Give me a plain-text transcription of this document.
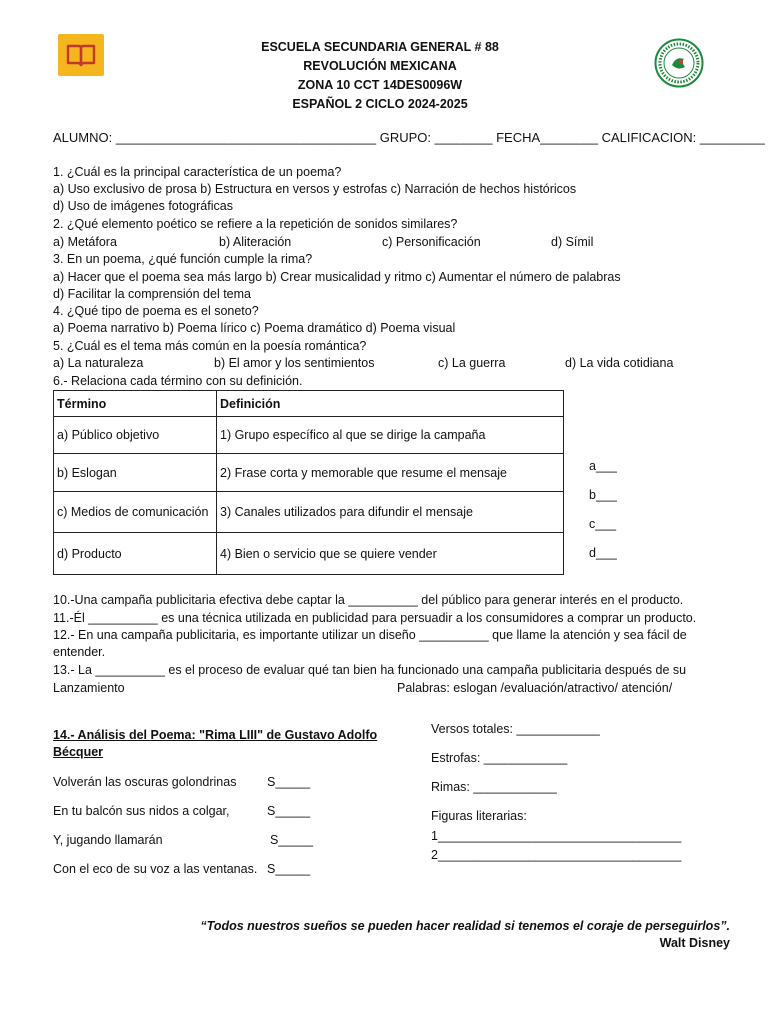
ESCUELA SECUNDARIA GENERAL # 88
REVOLUCIÓN MEXICANA
ZONA 10 CCT 14DES0096W
ESPAÑOL 2 CICLO 2024-2025
ALUMNO: ____________________________________ GRUPO: ________ FECHA________ CALIFICACION: _________
1. ¿Cuál es la principal característica de un poema?
a) Uso exclusivo de prosa b) Estructura en versos y estrofas c) Narración de hechos históricos
d) Uso de imágenes fotográficas
2. ¿Qué elemento poético se refiere a la repetición de sonidos similares?
a) Metáfora	b) Aliteración	c) Personificación	d) Símil
3. En un poema, ¿qué función cumple la rima?
a) Hacer que el poema sea más largo b) Crear musicalidad y ritmo c) Aumentar el número de palabras
d) Facilitar la comprensión del tema
4. ¿Qué tipo de poema es el soneto?
a) Poema narrativo b) Poema lírico c) Poema dramático d) Poema visual
5. ¿Cuál es el tema más común en la poesía romántica?
a) La naturaleza	b) El amor y los sentimientos	c) La guerra	d) La vida cotidiana
6.- Relaciona cada término con su definición.
Término	Definición
a) Público objetivo	1) Grupo específico al que se dirige la campaña
b) Eslogan	2) Frase corta y memorable que resume el mensaje
c) Medios de comunicación	3) Canales utilizados para difundir el mensaje
d) Producto	4) Bien o servicio que se quiere vender
a___
b___
c___
d___
10.-Una campaña publicitaria efectiva debe captar la __________ del público para generar interés en el producto.
11.-Él __________ es una técnica utilizada en publicidad para persuadir a los consumidores a comprar un producto.
12.- En una campaña publicitaria, es importante utilizar un diseño __________ que llame la atención y sea fácil de
entender.
13.- La __________ es el proceso de evaluar qué tan bien ha funcionado una campaña publicitaria después de su
Lanzamiento	Palabras: eslogan /evaluación/atractivo/ atención/
14.- Análisis del Poema: "Rima LIII" de Gustavo Adolfo
Bécquer
Volverán las oscuras golondrinas S_____
En tu balcón sus nidos a colgar,	S_____
Y, jugando llamarán	S_____
Con el eco de su voz a las ventanas. S_____
Versos totales: ____________
Estrofas: ____________
Rimas: ____________
Figuras literarias:
1___________________________________
2___________________________________
“Todos nuestros sueños se pueden hacer realidad si tenemos el coraje de perseguirlos”.
Walt Disney
